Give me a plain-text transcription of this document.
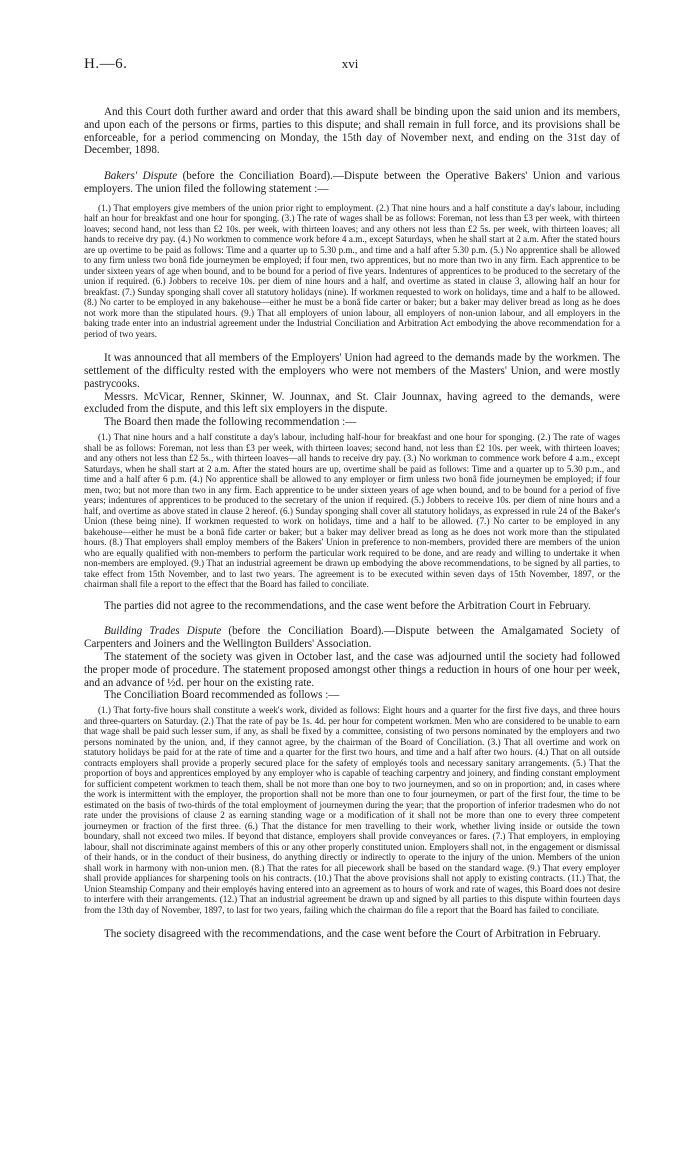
H.—6.	xvi

And this Court doth further award and order that this award shall be binding upon the said union and its members, and upon each of the persons or firms, parties to this dispute; and shall remain in full force, and its provisions shall be enforceable, for a period commencing on Monday, the 15th day of November next, and ending on the 31st day of December, 1898.

Bakers' Dispute (before the Conciliation Board).—Dispute between the Operative Bakers' Union and various employers. The union filed the following statement :—

(1.) That employers give members of the union prior right to employment. (2.) That nine hours and a half constitute a day's labour, including half an hour for breakfast and one hour for sponging. (3.) The rate of wages shall be as follows: Foreman, not less than £3 per week, with thirteen loaves; second hand, not less than £2 10s. per week, with thirteen loaves; and any others not less than £2 5s. per week, with thirteen loaves; all hands to receive dry pay. (4.) No workmen to commence work before 4 a.m., except Saturdays, when he shall start at 2 a.m. After the stated hours are up overtime to be paid as follows: Time and a quarter up to 5.30 p.m., and time and a half after 5.30 p.m. (5.) No apprentice shall be allowed to any firm unless two bonâ fide journeymen be employed; if four men, two apprentices, but no more than two in any firm. Each apprentice to be under sixteen years of age when bound, and to be bound for a period of five years. Indentures of apprentices to be produced to the secretary of the union if required. (6.) Jobbers to receive 10s. per diem of nine hours and a half, and overtime as stated in clause 3, allowing half an hour for breakfast. (7.) Sunday sponging shall cover all statutory holidays (nine). If workmen requested to work on holidays, time and a half to be allowed. (8.) No carter to be employed in any bakehouse—either he must be a bonâ fide carter or baker; but a baker may deliver bread as long as he does not work more than the stipulated hours. (9.) That all employers of union labour, all employers of non-union labour, and all employers in the baking trade enter into an industrial agreement under the Industrial Conciliation and Arbitration Act embodying the above recommendation for a period of two years.

It was announced that all members of the Employers' Union had agreed to the demands made by the workmen. The settlement of the difficulty rested with the employers who were not members of the Masters' Union, and were mostly pastrycooks.

Messrs. McVicar, Renner, Skinner, W. Jounnax, and St. Clair Jounnax, having agreed to the demands, were excluded from the dispute, and this left six employers in the dispute.

The Board then made the following recommendation :—

(1.) That nine hours and a half constitute a day's labour, including half-hour for breakfast and one hour for sponging. (2.) The rate of wages shall be as follows: Foreman, not less than £3 per week, with thirteen loaves; second hand, not less than £2 10s. per week, with thirteen loaves; and any others not less than £2 5s., with thirteen loaves—all hands to receive dry pay. (3.) No workman to commence work before 4 a.m., except Saturdays, when he shall start at 2 a.m. After the stated hours are up, overtime shall be paid as follows: Time and a quarter up to 5.30 p.m., and time and a half after 6 p.m. (4.) No apprentice shall be allowed to any employer or firm unless two bonâ fide journeymen be employed; if four men, two; but not more than two in any firm. Each apprentice to be under sixteen years of age when bound, and to be bound for a period of five years; indentures of apprentices to be produced to the secretary of the union if required. (5.) Jobbers to receive 10s. per diem of nine hours and a half, and overtime as above stated in clause 2 hereof. (6.) Sunday sponging shall cover all statutory holidays, as expressed in rule 24 of the Baker's Union (these being nine). If workmen requested to work on holidays, time and a half to be allowed. (7.) No carter to be employed in any bakehouse—either he must be a bonâ fide carter or baker; but a baker may deliver bread as long as he does not work more than the stipulated hours. (8.) That employers shall employ members of the Bakers' Union in preference to non-members, provided there are members of the union who are equally qualified with non-members to perform the particular work required to be done, and are ready and willing to undertake it when non-members are employed. (9.) That an industrial agreement be drawn up embodying the above recommendations, to be signed by all parties, to take effect from 15th November, and to last two years. The agreement is to be executed within seven days of 15th November, 1897, or the chairman shall file a report to the effect that the Board has failed to conciliate.

The parties did not agree to the recommendations, and the case went before the Arbitration Court in February.

Building Trades Dispute (before the Conciliation Board).—Dispute between the Amalgamated Society of Carpenters and Joiners and the Wellington Builders' Association.

The statement of the society was given in October last, and the case was adjourned until the society had followed the proper mode of procedure. The statement proposed amongst other things a reduction in hours of one hour per week, and an advance of ½d. per hour on the existing rate.

The Conciliation Board recommended as follows :—

(1.) That forty-five hours shall constitute a week's work, divided as follows: Eight hours and a quarter for the first five days, and three hours and three-quarters on Saturday. (2.) That the rate of pay be 1s. 4d. per hour for competent workmen. Men who are considered to be unable to earn that wage shall be paid such lesser sum, if any, as shall be fixed by a committee, consisting of two persons nominated by the employers and two persons nominated by the union, and, if they cannot agree, by the chairman of the Board of Conciliation. (3.) That all overtime and work on statutory holidays be paid for at the rate of time and a quarter for the first two hours, and time and a half after two hours. (4.) That on all outside contracts employers shall provide a properly secured place for the safety of employés tools and necessary sanitary arrangements. (5.) That the proportion of boys and apprentices employed by any employer who is capable of teaching carpentry and joinery, and finding constant employment for sufficient competent workmen to teach them, shall be not more than one boy to two journeymen, and so on in proportion; and, in cases where the work is intermittent with the employer, the proportion shall not be more than one to four journeymen, or part of the first four, the time to be estimated on the basis of two-thirds of the total employment of journeymen during the year; that the proportion of inferior tradesmen who do not rate under the provisions of clause 2 as earning standing wage or a modification of it shall not be more than one to every three competent journeymen or fraction of the first three. (6.) That the distance for men travelling to their work, whether living inside or outside the town boundary, shall not exceed two miles. If beyond that distance, employers shall provide conveyances or fares. (7.) That employers, in employing labour, shall not discriminate against members of this or any other properly constituted union. Employers shall not, in the engagement or dismissal of their hands, or in the conduct of their business, do anything directly or indirectly to operate to the injury of the union. Members of the union shall work in harmony with non-union men. (8.) That the rates for all piecework shall be based on the standard wage. (9.) That every employer shall provide appliances for sharpening tools on his contracts. (10.) That the above provisions shall not apply to existing contracts. (11.) That, the Union Steamship Company and their employés having entered into an agreement as to hours of work and rate of wages, this Board does not desire to interfere with their arrangements. (12.) That an industrial agreement be drawn up and signed by all parties to this dispute within fourteen days from the 13th day of November, 1897, to last for two years, failing which the chairman do file a report that the Board has failed to conciliate.

The society disagreed with the recommendations, and the case went before the Court of Arbitration in February.
